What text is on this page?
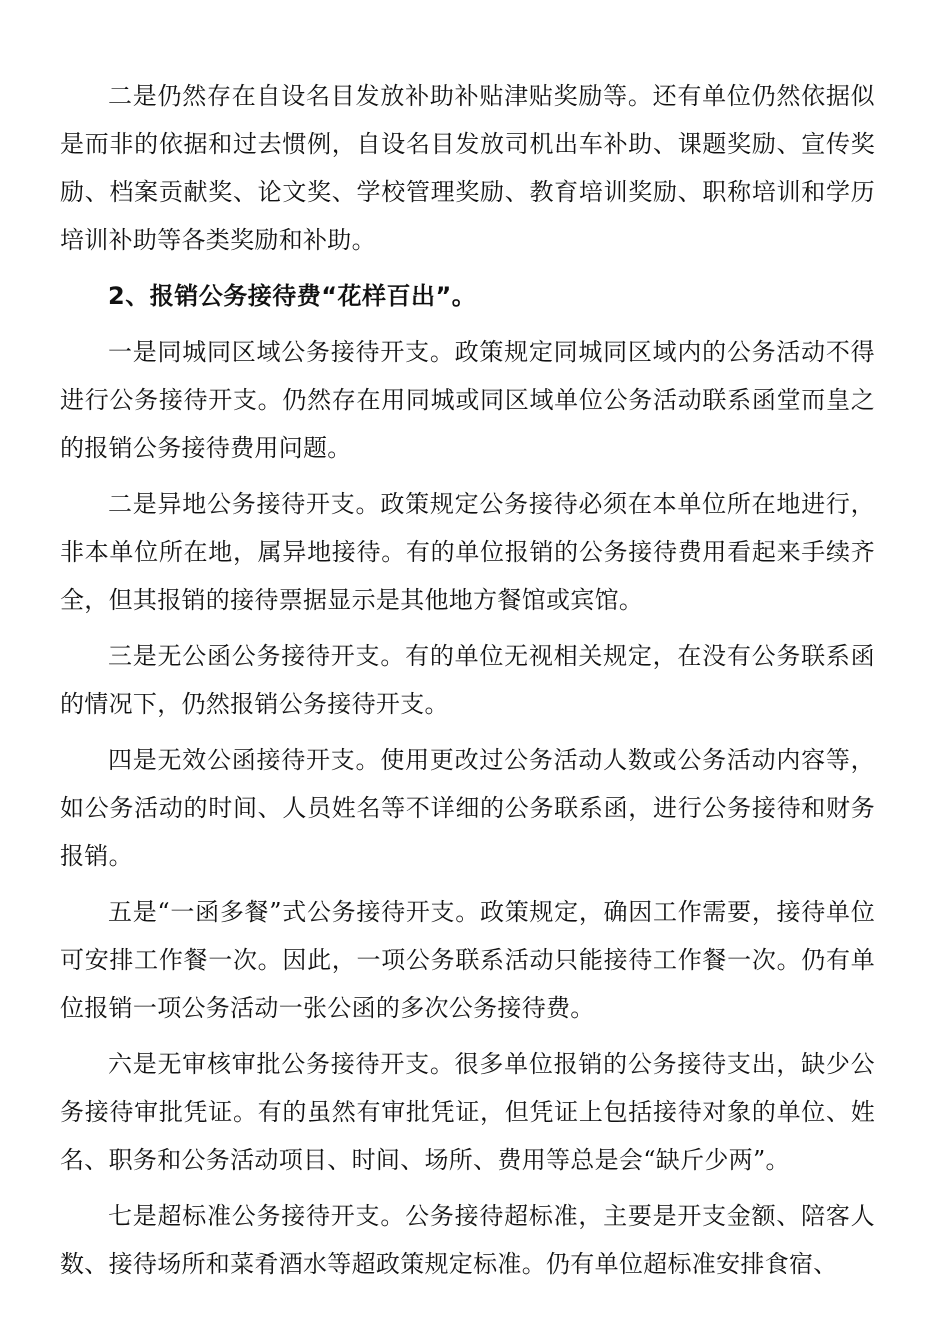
二是仍然存在自设名目发放补助补贴津贴奖励等。还有单位仍然依据似是而非的依据和过去惯例，自设名目发放司机出车补助、课题奖励、宣传奖励、档案贡献奖、论文奖、学校管理奖励、教育培训奖励、职称培训和学历培训补助等各类奖励和补助。

2、报销公务接待费“花样百出”。

一是同城同区域公务接待开支。政策规定同城同区域内的公务活动不得进行公务接待开支。仍然存在用同城或同区域单位公务活动联系函堂而皇之的报销公务接待费用问题。

二是异地公务接待开支。政策规定公务接待必须在本单位所在地进行，非本单位所在地，属异地接待。有的单位报销的公务接待费用看起来手续齐全，但其报销的接待票据显示是其他地方餐馆或宾馆。

三是无公函公务接待开支。有的单位无视相关规定，在没有公务联系函的情况下，仍然报销公务接待开支。

四是无效公函接待开支。使用更改过公务活动人数或公务活动内容等，如公务活动的时间、人员姓名等不详细的公务联系函，进行公务接待和财务报销。

五是“一函多餐”式公务接待开支。政策规定，确因工作需要，接待单位可安排工作餐一次。因此，一项公务联系活动只能接待工作餐一次。仍有单位报销一项公务活动一张公函的多次公务接待费。

六是无审核审批公务接待开支。很多单位报销的公务接待支出，缺少公务接待审批凭证。有的虽然有审批凭证，但凭证上包括接待对象的单位、姓名、职务和公务活动项目、时间、场所、费用等总是会“缺斤少两”。

七是超标准公务接待开支。公务接待超标准，主要是开支金额、陪客人数、接待场所和菜肴酒水等超政策规定标准。仍有单位超标准安排食宿、
